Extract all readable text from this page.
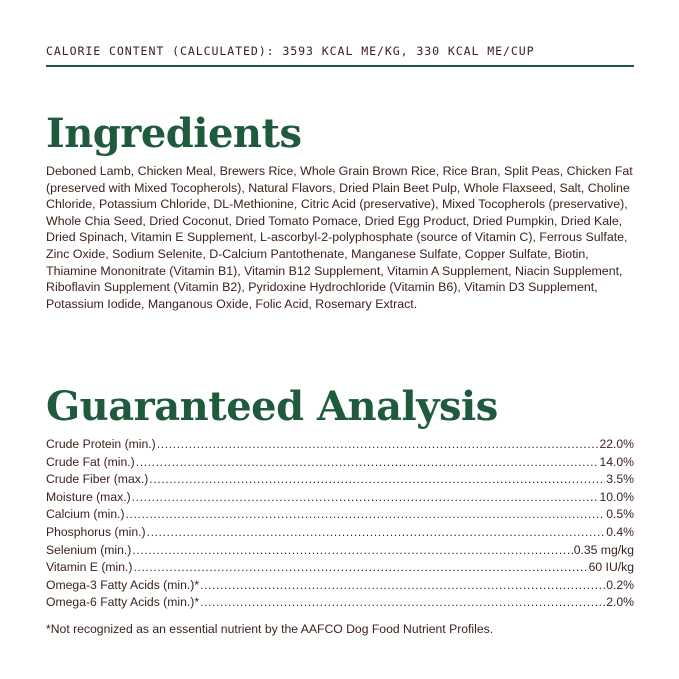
CALORIE CONTENT (CALCULATED): 3593 KCAL ME/KG, 330 KCAL ME/CUP
Ingredients
Deboned Lamb, Chicken Meal, Brewers Rice, Whole Grain Brown Rice, Rice Bran, Split Peas, Chicken Fat (preserved with Mixed Tocopherols), Natural Flavors, Dried Plain Beet Pulp, Whole Flaxseed, Salt, Choline Chloride, Potassium Chloride, DL-Methionine, Citric Acid (preservative), Mixed Tocopherols (preservative), Whole Chia Seed, Dried Coconut, Dried Tomato Pomace, Dried Egg Product, Dried Pumpkin, Dried Kale, Dried Spinach, Vitamin E Supplement, L-ascorbyl-2-polyphosphate (source of Vitamin C), Ferrous Sulfate, Zinc Oxide, Sodium Selenite, D-Calcium Pantothenate, Manganese Sulfate, Copper Sulfate, Biotin, Thiamine Mononitrate (Vitamin B1), Vitamin B12 Supplement, Vitamin A Supplement, Niacin Supplement, Riboflavin Supplement (Vitamin B2), Pyridoxine Hydrochloride (Vitamin B6), Vitamin D3 Supplement, Potassium Iodide, Manganous Oxide, Folic Acid, Rosemary Extract.
Guaranteed Analysis
Crude Protein (min.) .....	22.0%
Crude Fat (min.) .....	14.0%
Crude Fiber (max.) .....	3.5%
Moisture (max.) .....	10.0%
Calcium (min.) .....	0.5%
Phosphorus (min.) .....	0.4%
Selenium (min.) .....	0.35 mg/kg
Vitamin E (min.) .....	60 IU/kg
Omega-3 Fatty Acids (min.)* .....	0.2%
Omega-6 Fatty Acids (min.)* .....	2.0%
*Not recognized as an essential nutrient by the AAFCO Dog Food Nutrient Profiles.
